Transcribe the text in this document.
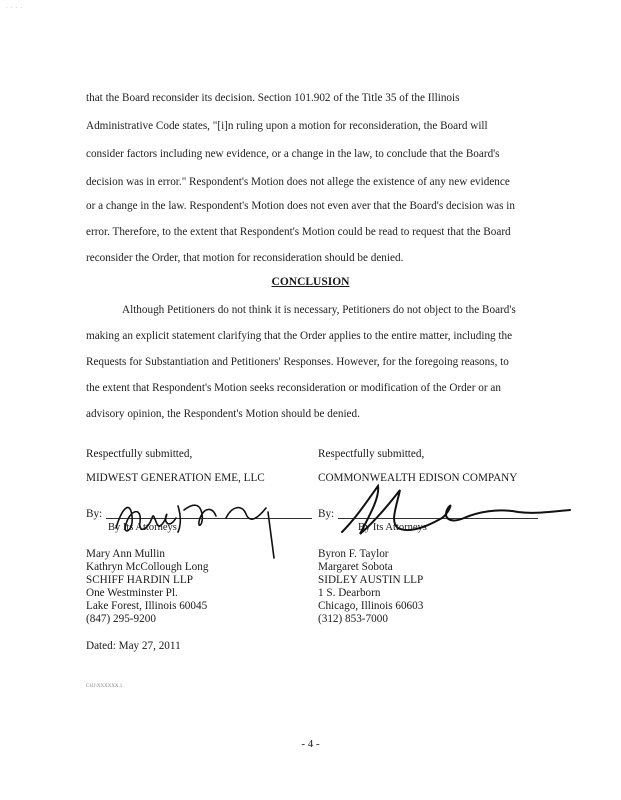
· · · ·
that the Board reconsider its decision. Section 101.902 of the Title 35 of the Illinois
Administrative Code states, "[i]n ruling upon a motion for reconsideration, the Board will
consider factors including new evidence, or a change in the law, to conclude that the Board's
decision was in error." Respondent's Motion does not allege the existence of any new evidence
or a change in the law. Respondent's Motion does not even aver that the Board's decision was in
error. Therefore, to the extent that Respondent's Motion could be read to request that the Board
reconsider the Order, that motion for reconsideration should be denied.
CONCLUSION
Although Petitioners do not think it is necessary, Petitioners do not object to the Board's
making an explicit statement clarifying that the Order applies to the entire matter, including the
Requests for Substantiation and Petitioners' Responses. However, for the foregoing reasons, to
the extent that Respondent's Motion seeks reconsideration or modification of the Order or an
advisory opinion, the Respondent's Motion should be denied.
Respectfully submitted,
MIDWEST GENERATION EME, LLC
By:
By Its Attorneys
Mary Ann Mullin
Kathryn McCollough Long
SCHIFF HARDIN LLP
One Westminster Pl.
Lake Forest, Illinois 60045
(847) 295-9200
Dated: May 27, 2011
Respectfully submitted,
COMMONWEALTH EDISON COMPANY
By:
By Its Attorneys
Byron F. Taylor
Margaret Sobota
SIDLEY AUSTIN LLP
1 S. Dearborn
Chicago, Illinois 60603
(312) 853-7000
CH1\XXXXXX.1
- 4 -
